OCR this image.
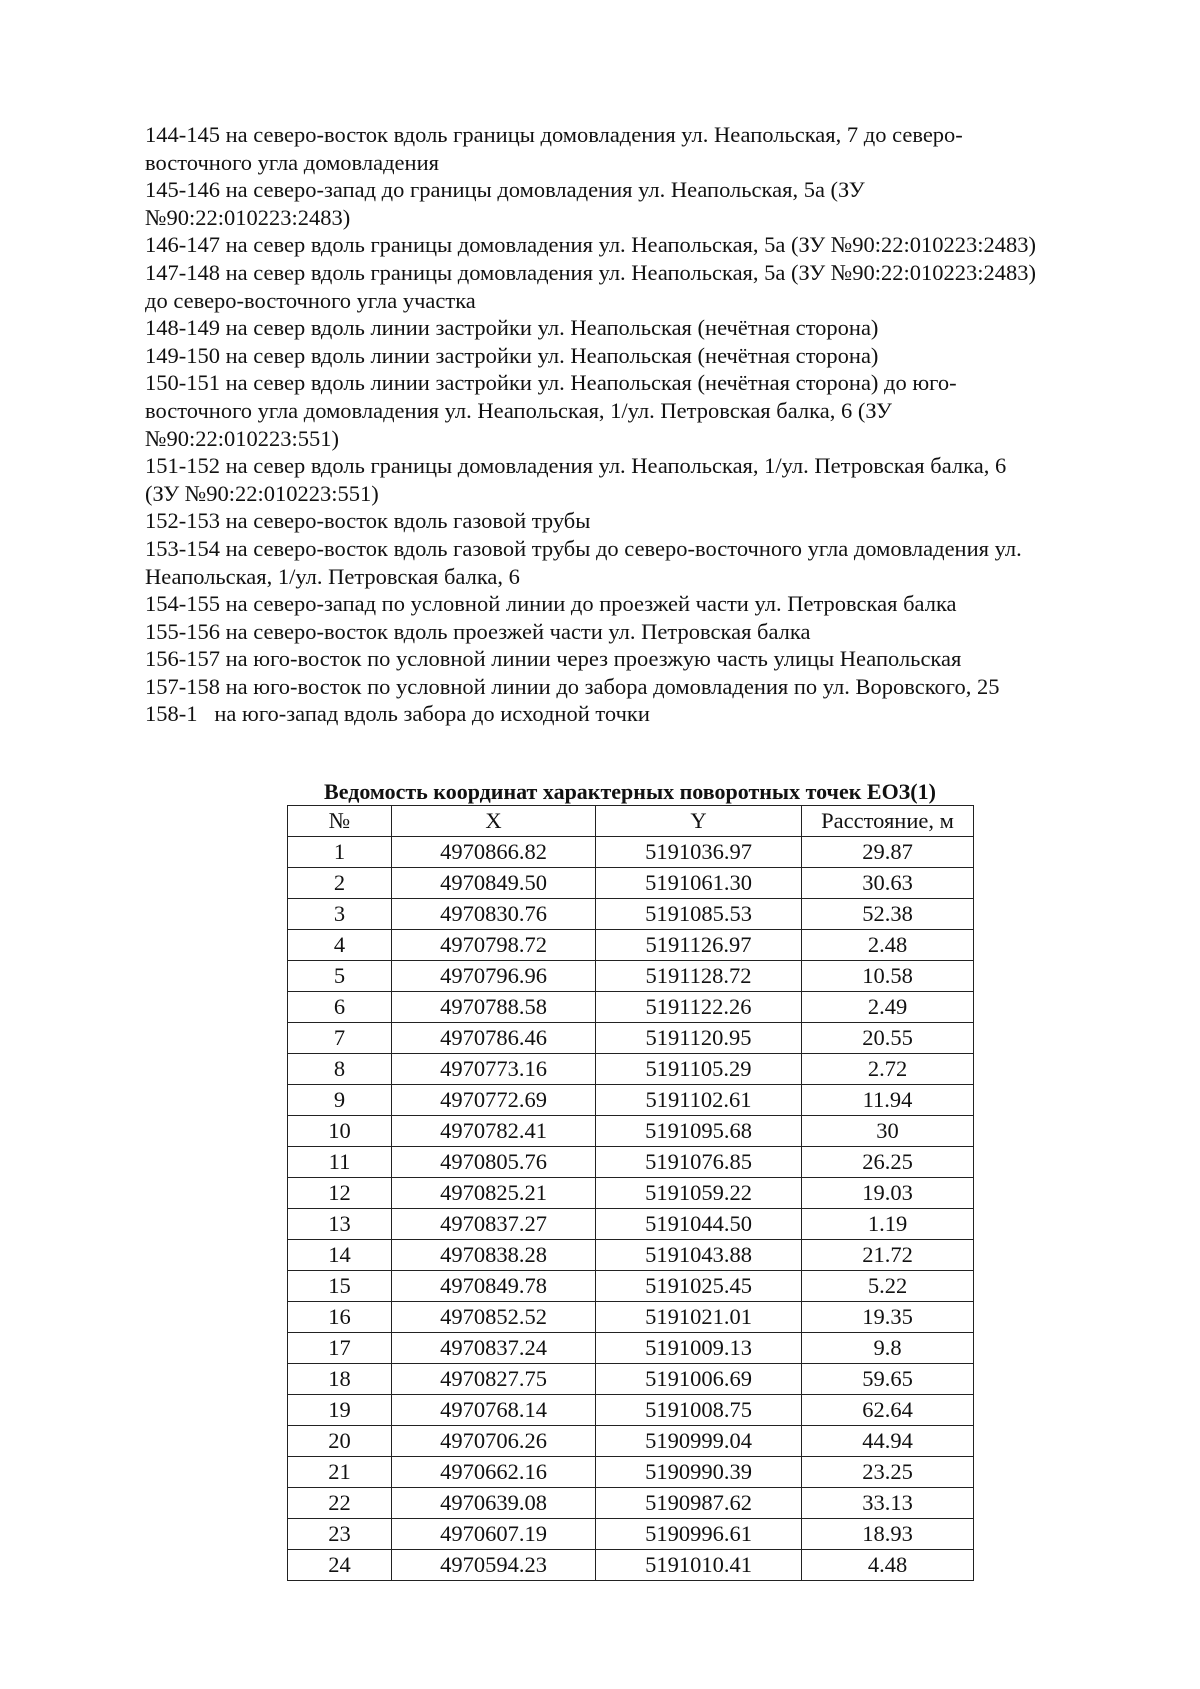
144-145 на северо-восток вдоль границы домовладения ул. Неапольская, 7 до северо-
восточного угла домовладения
145-146 на северо-запад до границы домовладения ул. Неапольская, 5а (ЗУ
№90:22:010223:2483)
146-147 на север вдоль границы домовладения ул. Неапольская, 5а (ЗУ №90:22:010223:2483)
147-148 на север вдоль границы домовладения ул. Неапольская, 5а (ЗУ №90:22:010223:2483)
до северо-восточного угла участка
148-149 на север вдоль линии застройки ул. Неапольская (нечётная сторона)
149-150 на север вдоль линии застройки ул. Неапольская (нечётная сторона)
150-151 на север вдоль линии застройки ул. Неапольская (нечётная сторона) до юго-
восточного угла домовладения ул. Неапольская, 1/ул. Петровская балка, 6 (ЗУ
№90:22:010223:551)
151-152 на север вдоль границы домовладения ул. Неапольская, 1/ул. Петровская балка, 6
(ЗУ №90:22:010223:551)
152-153 на северо-восток вдоль газовой трубы
153-154 на северо-восток вдоль газовой трубы до северо-восточного угла домовладения ул.
Неапольская, 1/ул. Петровская балка, 6
154-155 на северо-запад по условной линии до проезжей части ул. Петровская балка
155-156 на северо-восток вдоль проезжей части ул. Петровская балка
156-157 на юго-восток по условной линии через проезжую часть улицы Неапольская
157-158 на юго-восток по условной линии до забора домовладения по ул. Воровского, 25
158-1   на юго-запад вдоль забора до исходной точки
Ведомость координат характерных поворотных точек ЕОЗ(1)
№	X	Y	Расстояние, м
1	4970866.82	5191036.97	29.87
2	4970849.50	5191061.30	30.63
3	4970830.76	5191085.53	52.38
4	4970798.72	5191126.97	2.48
5	4970796.96	5191128.72	10.58
6	4970788.58	5191122.26	2.49
7	4970786.46	5191120.95	20.55
8	4970773.16	5191105.29	2.72
9	4970772.69	5191102.61	11.94
10	4970782.41	5191095.68	30
11	4970805.76	5191076.85	26.25
12	4970825.21	5191059.22	19.03
13	4970837.27	5191044.50	1.19
14	4970838.28	5191043.88	21.72
15	4970849.78	5191025.45	5.22
16	4970852.52	5191021.01	19.35
17	4970837.24	5191009.13	9.8
18	4970827.75	5191006.69	59.65
19	4970768.14	5191008.75	62.64
20	4970706.26	5190999.04	44.94
21	4970662.16	5190990.39	23.25
22	4970639.08	5190987.62	33.13
23	4970607.19	5190996.61	18.93
24	4970594.23	5191010.41	4.48
